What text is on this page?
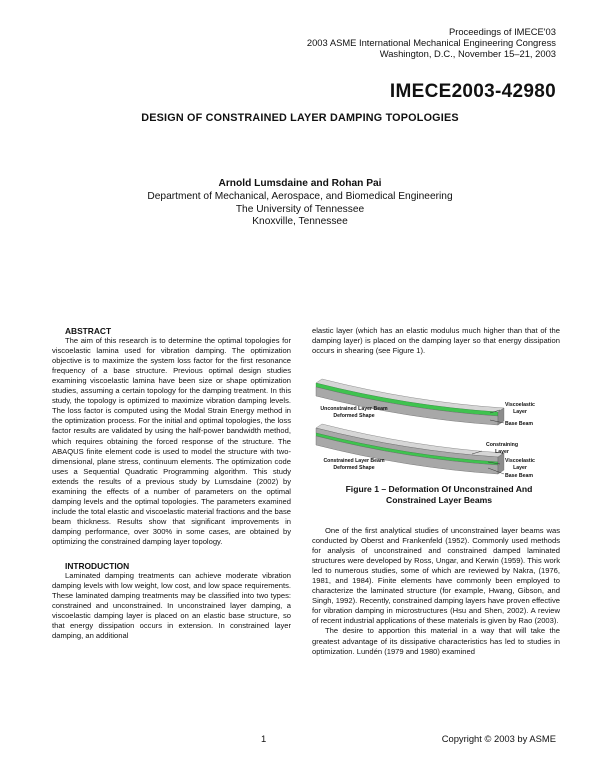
Proceedings of IMECE'03
2003 ASME International Mechanical Engineering Congress
Washington, D.C., November 15–21, 2003
IMECE2003-42980
DESIGN OF CONSTRAINED LAYER DAMPING TOPOLOGIES
Arnold Lumsdaine and Rohan Pai
Department of Mechanical, Aerospace, and Biomedical Engineering
The University of Tennessee
Knoxville, Tennessee

ABSTRACT

The aim of this research is to determine the optimal topologies for viscoelastic lamina used for vibration damping. The optimization objective is to maximize the system loss factor for the first resonance frequency of a base structure. Previous optimal design studies examining viscoelastic lamina have been size or shape optimization studies, assuming a certain topology for the damping treatment. In this study, the topology is optimized to maximize vibration damping levels. The loss factor is computed using the Modal Strain Energy method in the optimization process. For the initial and optimal topologies, the loss factor results are validated by using the half-power bandwidth method, which requires obtaining the forced response of the structure. The ABAQUS finite element code is used to model the structure with two-dimensional, plane stress, continuum elements. The optimization code uses a Sequential Quadratic Programming algorithm. This study extends the results of a previous study by Lumsdaine (2002) by examining the effects of a number of parameters on the optimal damping levels and the optimal topologies. The parameters examined include the total elastic and viscoelastic material fractions and the base beam thickness. Results show that significant improvements in damping performance, over 300% in some cases, are obtained by optimizing the constrained damping layer topology.

INTRODUCTION

Laminated damping treatments can achieve moderate vibration damping levels with low weight, low cost, and low space requirements. These laminated damping treatments may be classified into two types: constrained and unconstrained. In unconstrained layer damping, a viscoelastic damping layer is placed on an elastic base structure, so that energy dissipation occurs in extension. In constrained layer damping, an additional

elastic layer (which has an elastic modulus much higher than that of the damping layer) is placed on the damping layer so that energy dissipation occurs in shearing (see Figure 1).

Unconstrained Layer Beam Deformed Shape
Viscoelastic Layer
Base Beam
Constraining Layer
Constrained Layer Beam Deformed Shape
Viscoelastic Layer
Base Beam
Figure 1 – Deformation Of Unconstrained And
Constrained Layer Beams

One of the first analytical studies of unconstrained layer beams was conducted by Oberst and Frankenfeld (1952). Commonly used methods for analysis of unconstrained and constrained damped laminated structures were developed by Ross, Ungar, and Kerwin (1959). This work led to numerous studies, some of which are reviewed by Nakra, (1976, 1981, and 1984). Finite elements have commonly been employed to characterize the laminated structure (for example, Hwang, Gibson, and Singh, 1992). Recently, constrained damping layers have proven effective for vibration damping in microstructures (Hsu and Shen, 2002). A review of recent industrial applications of these materials is given by Rao (2003).

The desire to apportion this material in a way that will take the greatest advantage of its dissipative characteristics has led to studies in optimization. Lundén (1979 and 1980) examined

1	Copyright © 2003 by ASME
